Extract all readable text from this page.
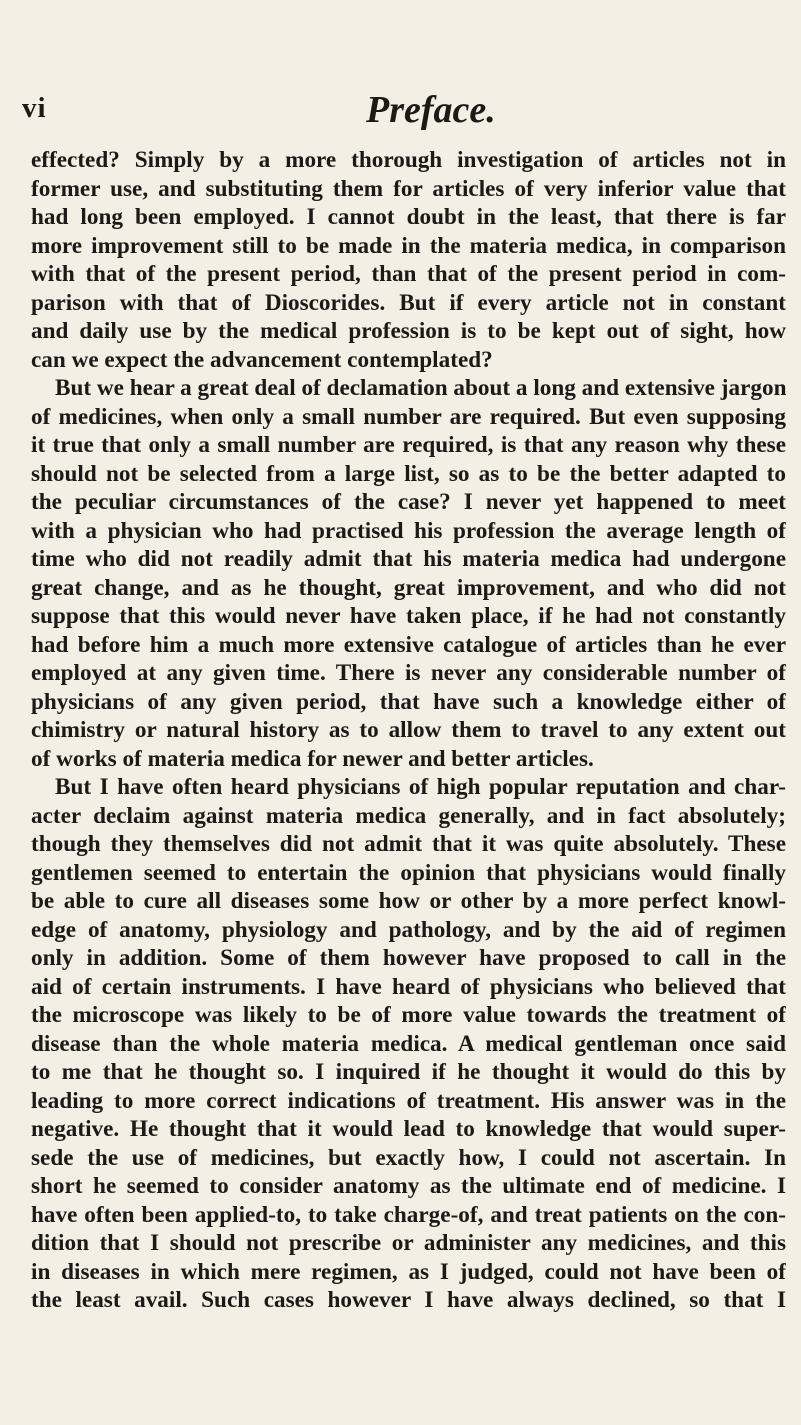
vi	Preface.
effected? Simply by a more thorough investigation of articles not in
former use, and substituting them for articles of very inferior value that
had long been employed. I cannot doubt in the least, that there is far
more improvement still to be made in the materia medica, in comparison
with that of the present period, than that of the present period in com-
parison with that of Dioscorides. But if every article not in constant
and daily use by the medical profession is to be kept out of sight, how
can we expect the advancement contemplated?
But we hear a great deal of declamation about a long and extensive jargon
of medicines, when only a small number are required. But even supposing
it true that only a small number are required, is that any reason why these
should not be selected from a large list, so as to be the better adapted to
the peculiar circumstances of the case? I never yet happened to meet
with a physician who had practised his profession the average length of
time who did not readily admit that his materia medica had undergone
great change, and as he thought, great improvement, and who did not
suppose that this would never have taken place, if he had not constantly
had before him a much more extensive catalogue of articles than he ever
employed at any given time. There is never any considerable number of
physicians of any given period, that have such a knowledge either of
chimistry or natural history as to allow them to travel to any extent out
of works of materia medica for newer and better articles.
But I have often heard physicians of high popular reputation and char-
acter declaim against materia medica generally, and in fact absolutely;
though they themselves did not admit that it was quite absolutely. These
gentlemen seemed to entertain the opinion that physicians would finally
be able to cure all diseases some how or other by a more perfect knowl-
edge of anatomy, physiology and pathology, and by the aid of regimen
only in addition. Some of them however have proposed to call in the
aid of certain instruments. I have heard of physicians who believed that
the microscope was likely to be of more value towards the treatment of
disease than the whole materia medica. A medical gentleman once said
to me that he thought so. I inquired if he thought it would do this by
leading to more correct indications of treatment. His answer was in the
negative. He thought that it would lead to knowledge that would super-
sede the use of medicines, but exactly how, I could not ascertain. In
short he seemed to consider anatomy as the ultimate end of medicine. I
have often been applied-to, to take charge-of, and treat patients on the con-
dition that I should not prescribe or administer any medicines, and this
in diseases in which mere regimen, as I judged, could not have been of
the least avail. Such cases however I have always declined, so that I
